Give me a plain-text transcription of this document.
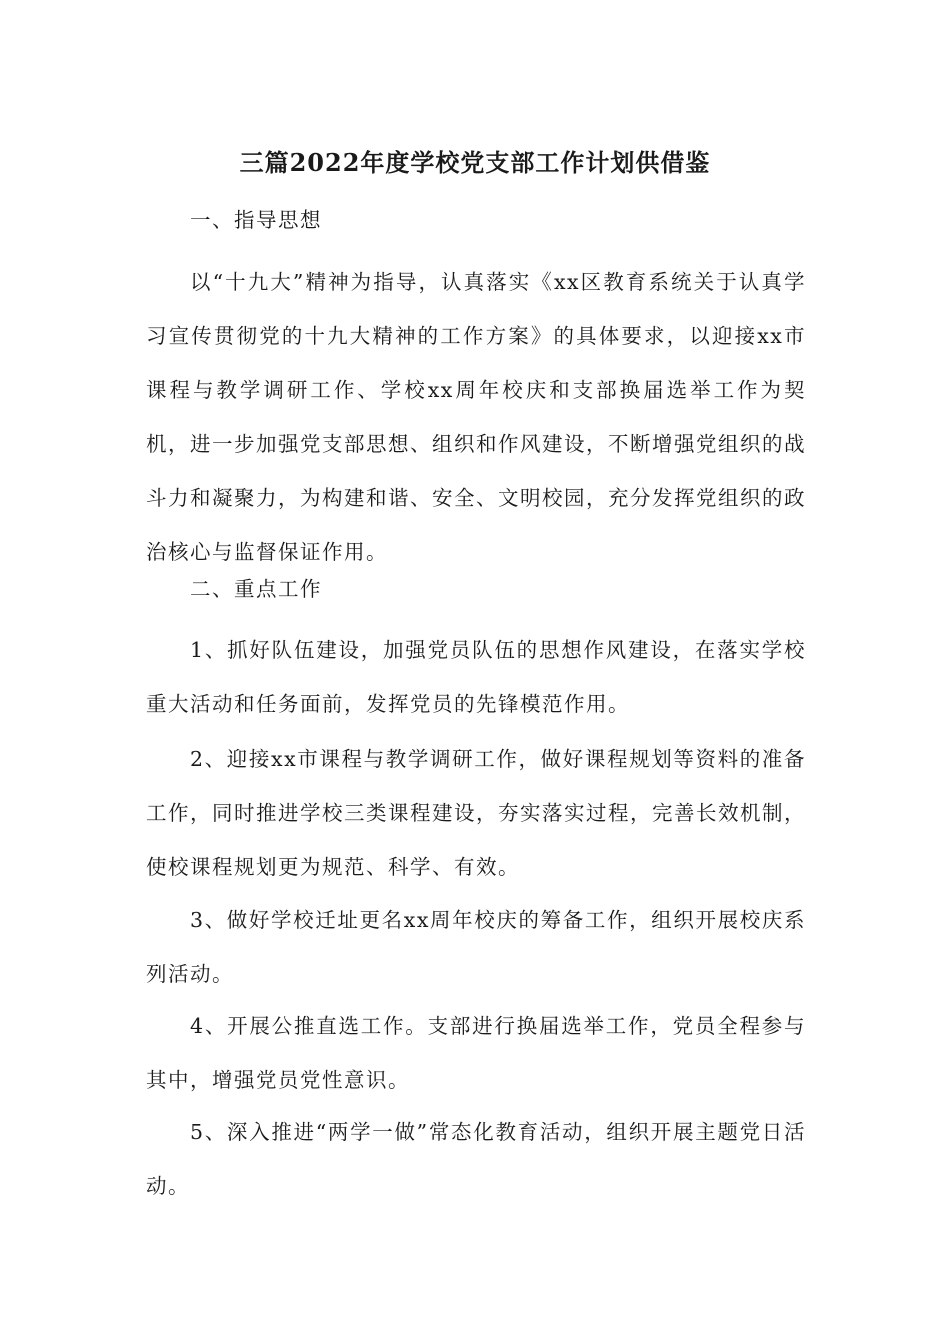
三篇2022年度学校党支部工作计划供借鉴

一、指导思想

以“十九大”精神为指导，认真落实《xx区教育系统关于认真学习宣传贯彻党的十九大精神的工作方案》的具体要求，以迎接xx市课程与教学调研工作、学校xx周年校庆和支部换届选举工作为契机，进一步加强党支部思想、组织和作风建设，不断增强党组织的战斗力和凝聚力，为构建和谐、安全、文明校园，充分发挥党组织的政治核心与监督保证作用。

二、重点工作

1、抓好队伍建设，加强党员队伍的思想作风建设，在落实学校重大活动和任务面前，发挥党员的先锋模范作用。

2、迎接xx市课程与教学调研工作，做好课程规划等资料的准备工作，同时推进学校三类课程建设，夯实落实过程，完善长效机制，使校课程规划更为规范、科学、有效。

3、做好学校迁址更名xx周年校庆的筹备工作，组织开展校庆系列活动。

4、开展公推直选工作。支部进行换届选举工作，党员全程参与其中，增强党员党性意识。

5、深入推进“两学一做”常态化教育活动，组织开展主题党日活动。
